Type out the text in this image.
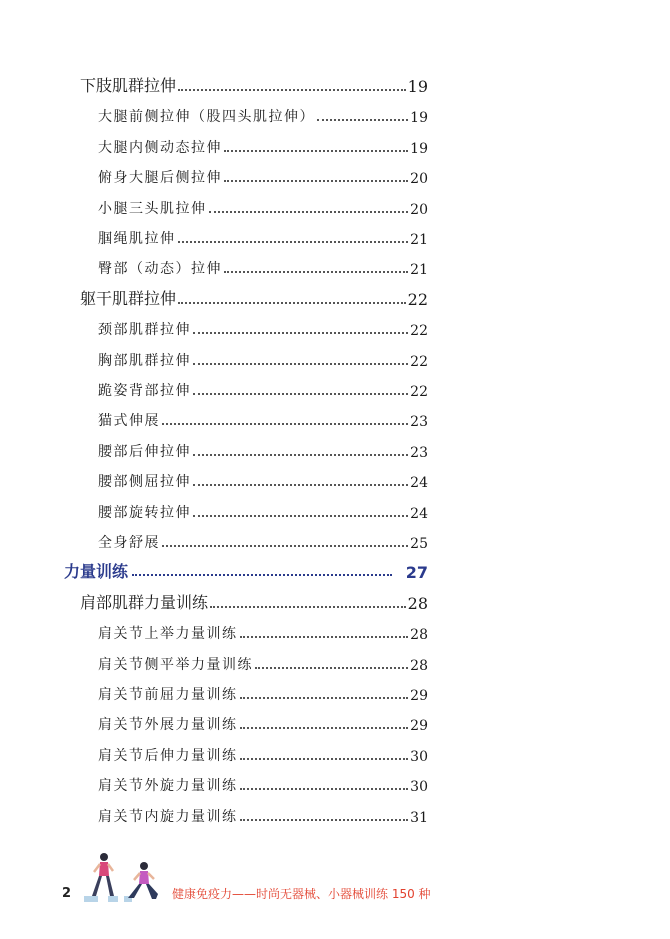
下肢肌群拉伸	19
大腿前侧拉伸（股四头肌拉伸）	19
大腿内侧动态拉伸	19
俯身大腿后侧拉伸	20
小腿三头肌拉伸	20
腘绳肌拉伸	21
臀部（动态）拉伸	21
躯干肌群拉伸	22
颈部肌群拉伸	22
胸部肌群拉伸	22
跪姿背部拉伸	22
猫式伸展	23
腰部后伸拉伸	23
腰部侧屈拉伸	24
腰部旋转拉伸	24
全身舒展	25
力量训练	27
肩部肌群力量训练	28
肩关节上举力量训练	28
肩关节侧平举力量训练	28
肩关节前屈力量训练	29
肩关节外展力量训练	29
肩关节后伸力量训练	30
肩关节外旋力量训练	30
肩关节内旋力量训练	31
2	健康免疫力——时尚无器械、小器械训练 150 种
